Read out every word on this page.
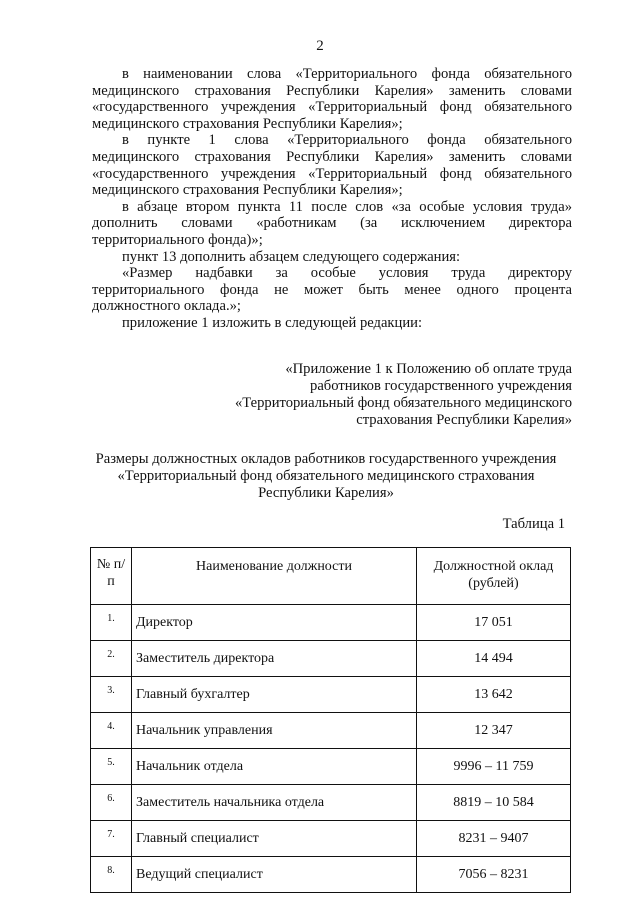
2

в наименовании слова «Территориального фонда обязательного медицинского страхования Республики Карелия» заменить словами «государственного учреждения «Территориальный фонд обязательного медицинского страхования Республики Карелия»;

в пункте 1 слова «Территориального фонда обязательного медицинского страхования Республики Карелия» заменить словами «государственного учреждения «Территориальный фонд обязательного медицинского страхования Республики Карелия»;

в абзаце втором пункта 11 после слов «за особые условия труда» дополнить словами «работникам (за исключением директора территориального фонда)»;

пункт 13 дополнить абзацем следующего содержания:

«Размер надбавки за особые условия труда директору территориального фонда не может быть менее одного процента должностного оклада.»;

приложение 1 изложить в следующей редакции:

«Приложение 1 к Положению об оплате труда
работников государственного учреждения
«Территориальный фонд обязательного медицинского
страхования Республики Карелия»
Размеры должностных окладов работников государственного учреждения
«Территориальный фонд обязательного медицинского страхования
Республики Карелия»
Таблица 1
№ п/п	Наименование должности	Должностной оклад (рублей)
1.	Директор	17 051
2.	Заместитель директора	14 494
3.	Главный бухгалтер	13 642
4.	Начальник управления	12 347
5.	Начальник отдела	9996 – 11 759
6.	Заместитель начальника отдела	8819 – 10 584
7.	Главный специалист	8231 – 9407
8.	Ведущий специалист	7056 – 8231
